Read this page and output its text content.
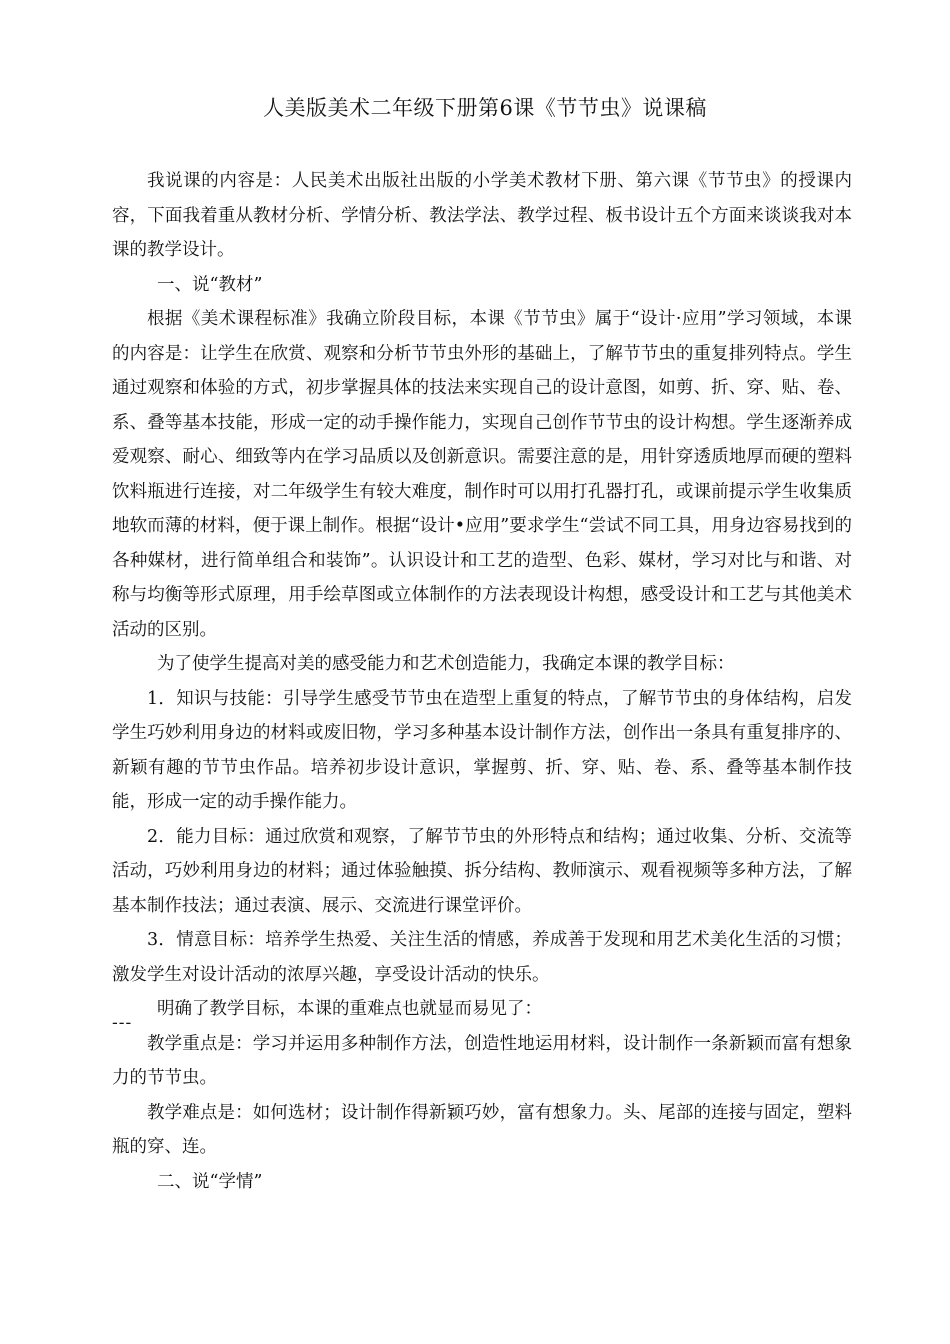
人美版美术二年级下册第6课《节节虫》说课稿

我说课的内容是：人民美术出版社出版的小学美术教材下册、第六课《节节虫》的授课内容，下面我着重从教材分析、学情分析、教法学法、教学过程、板书设计五个方面来谈谈我对本课的教学设计。

一、说“教材”

根据《美术课程标准》我确立阶段目标，本课《节节虫》属于“设计·应用”学习领域，本课的内容是：让学生在欣赏、观察和分析节节虫外形的基础上，了解节节虫的重复排列特点。学生通过观察和体验的方式，初步掌握具体的技法来实现自己的设计意图，如剪、折、穿、贴、卷、系、叠等基本技能，形成一定的动手操作能力，实现自己创作节节虫的设计构想。学生逐渐养成爱观察、耐心、细致等内在学习品质以及创新意识。需要注意的是，用针穿透质地厚而硬的塑料饮料瓶进行连接，对二年级学生有较大难度，制作时可以用打孔器打孔，或课前提示学生收集质地软而薄的材料，便于课上制作。根据“设计•应用”要求学生“尝试不同工具，用身边容易找到的各种媒材，进行简单组合和装饰”。认识设计和工艺的造型、色彩、媒材，学习对比与和谐、对称与均衡等形式原理，用手绘草图或立体制作的方法表现设计构想，感受设计和工艺与其他美术活动的区别。

为了使学生提高对美的感受能力和艺术创造能力，我确定本课的教学目标：

1．知识与技能：引导学生感受节节虫在造型上重复的特点，了解节节虫的身体结构，启发学生巧妙利用身边的材料或废旧物，学习多种基本设计制作方法，创作出一条具有重复排序的、新颖有趣的节节虫作品。培养初步设计意识，掌握剪、折、穿、贴、卷、系、叠等基本制作技能，形成一定的动手操作能力。

2．能力目标：通过欣赏和观察，了解节节虫的外形特点和结构；通过收集、分析、交流等活动，巧妙利用身边的材料；通过体验触摸、拆分结构、教师演示、观看视频等多种方法，了解基本制作技法；通过表演、展示、交流进行课堂评价。

3．情意目标：培养学生热爱、关注生活的情感，养成善于发现和用艺术美化生活的习惯；激发学生对设计活动的浓厚兴趣，享受设计活动的快乐。

明确了教学目标，本课的重难点也就显而易见了：

教学重点是：学习并运用多种制作方法，创造性地运用材料，设计制作一条新颖而富有想象力的节节虫。

教学难点是：如何选材；设计制作得新颖巧妙，富有想象力。头、尾部的连接与固定，塑料瓶的穿、连。

二、说“学情”

---
